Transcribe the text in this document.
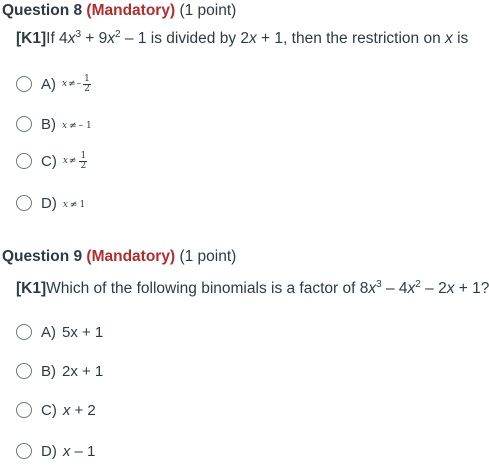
Question 8 (Mandatory) (1 point)
[K1]If $4x^3 + 9x^2 - 1$ is divided by 2x + 1, then the restriction on x is
A) x ≠ – $\frac{1}{2}$
B) x ≠ – 1
C) $x \ne \frac{1}{2}$
D) x ≠ 1
Question 9 (Mandatory) (1 point)
[K1]Which of the following binomials is a factor of $8x^3 - 4x^2 - 2x + 1$?
A) 5x + 1
B) 2x + 1
C) x + 2
D) x – 1
